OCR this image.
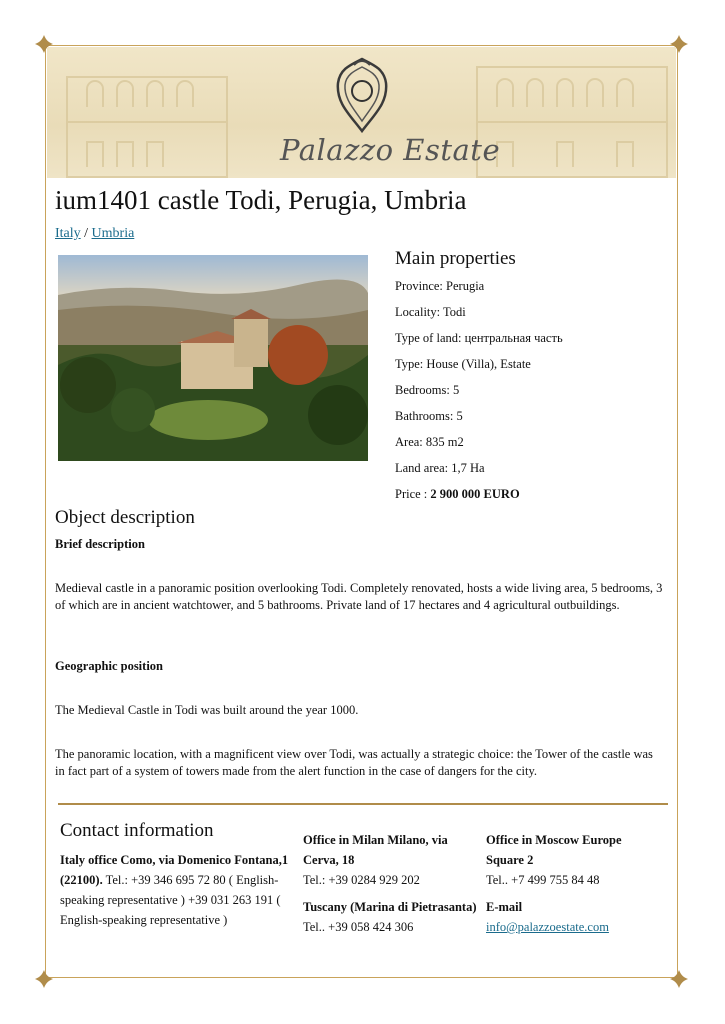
Palazzo Estate
ium1401 castle Todi, Perugia, Umbria
Italy / Umbria
Main properties
Province: Perugia
Locality: Todi
Type of land: центральная часть
Type: House (Villa), Estate
Bedrooms: 5
Bathrooms: 5
Area: 835 m2
Land area: 1,7 Ha
Price : 2 900 000 EURO
Object description
Brief description
Medieval castle in a panoramic position overlooking Todi. Completely renovated, hosts a wide living area, 5 bedrooms, 3 of which are in ancient watchtower, and 5 bathrooms. Private land of 17 hectares and 4 agricultural outbuildings.
Geographic position
The Medieval Castle in Todi was built around the year 1000.
The panoramic location, with a magnificent view over Todi, was actually a strategic choice: the Tower of the castle was in fact part of a system of towers made from the alert function in the case of dangers for the city.
Contact information
Italy office Como, via Domenico Fontana,1 (22100). Tel.: +39 346 695 72 80 ( English-speaking representative ) +39 031 263 191 ( English-speaking representative )
Office in Milan Milano, via Cerva, 18
Tel.: +39 0284 929 202
Tuscany (Marina di Pietrasanta)
Tel.. +39 058 424 306
Office in Moscow Europe Square 2
Tel.. +7 499 755 84 48
E-mail
info@palazzoestate.com
